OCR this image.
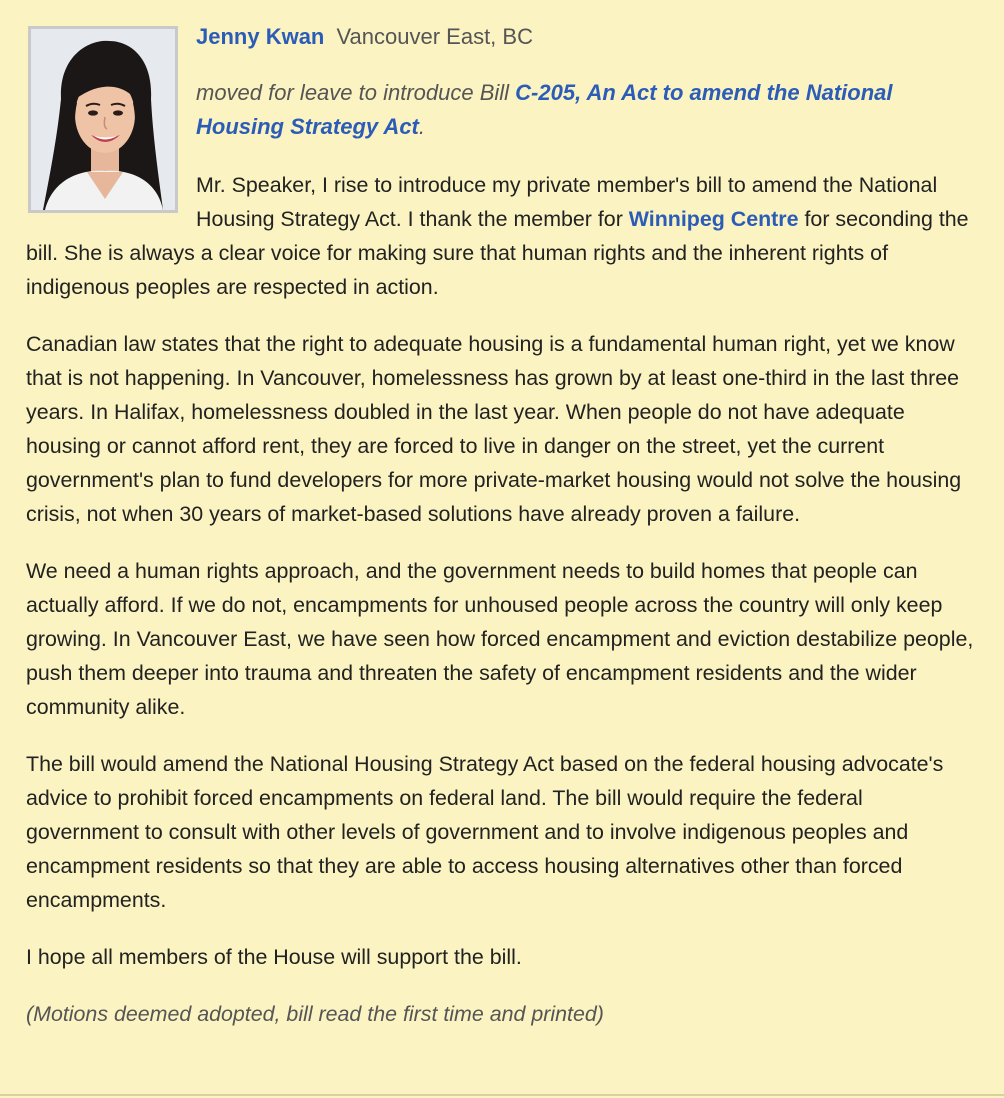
Jenny Kwan Vancouver East, BC

moved for leave to introduce Bill C-205, An Act to amend the National Housing Strategy Act.

Mr. Speaker, I rise to introduce my private member's bill to amend the National Housing Strategy Act. I thank the member for Winnipeg Centre for seconding the bill. She is always a clear voice for making sure that human rights and the inherent rights of indigenous peoples are respected in action.

Canadian law states that the right to adequate housing is a fundamental human right, yet we know that is not happening. In Vancouver, homelessness has grown by at least one-third in the last three years. In Halifax, homelessness doubled in the last year. When people do not have adequate housing or cannot afford rent, they are forced to live in danger on the street, yet the current government's plan to fund developers for more private-market housing would not solve the housing crisis, not when 30 years of market-based solutions have already proven a failure.

We need a human rights approach, and the government needs to build homes that people can actually afford. If we do not, encampments for unhoused people across the country will only keep growing. In Vancouver East, we have seen how forced encampment and eviction destabilize people, push them deeper into trauma and threaten the safety of encampment residents and the wider community alike.

The bill would amend the National Housing Strategy Act based on the federal housing advocate's advice to prohibit forced encampments on federal land. The bill would require the federal government to consult with other levels of government and to involve indigenous peoples and encampment residents so that they are able to access housing alternatives other than forced encampments.

I hope all members of the House will support the bill.

(Motions deemed adopted, bill read the first time and printed)
